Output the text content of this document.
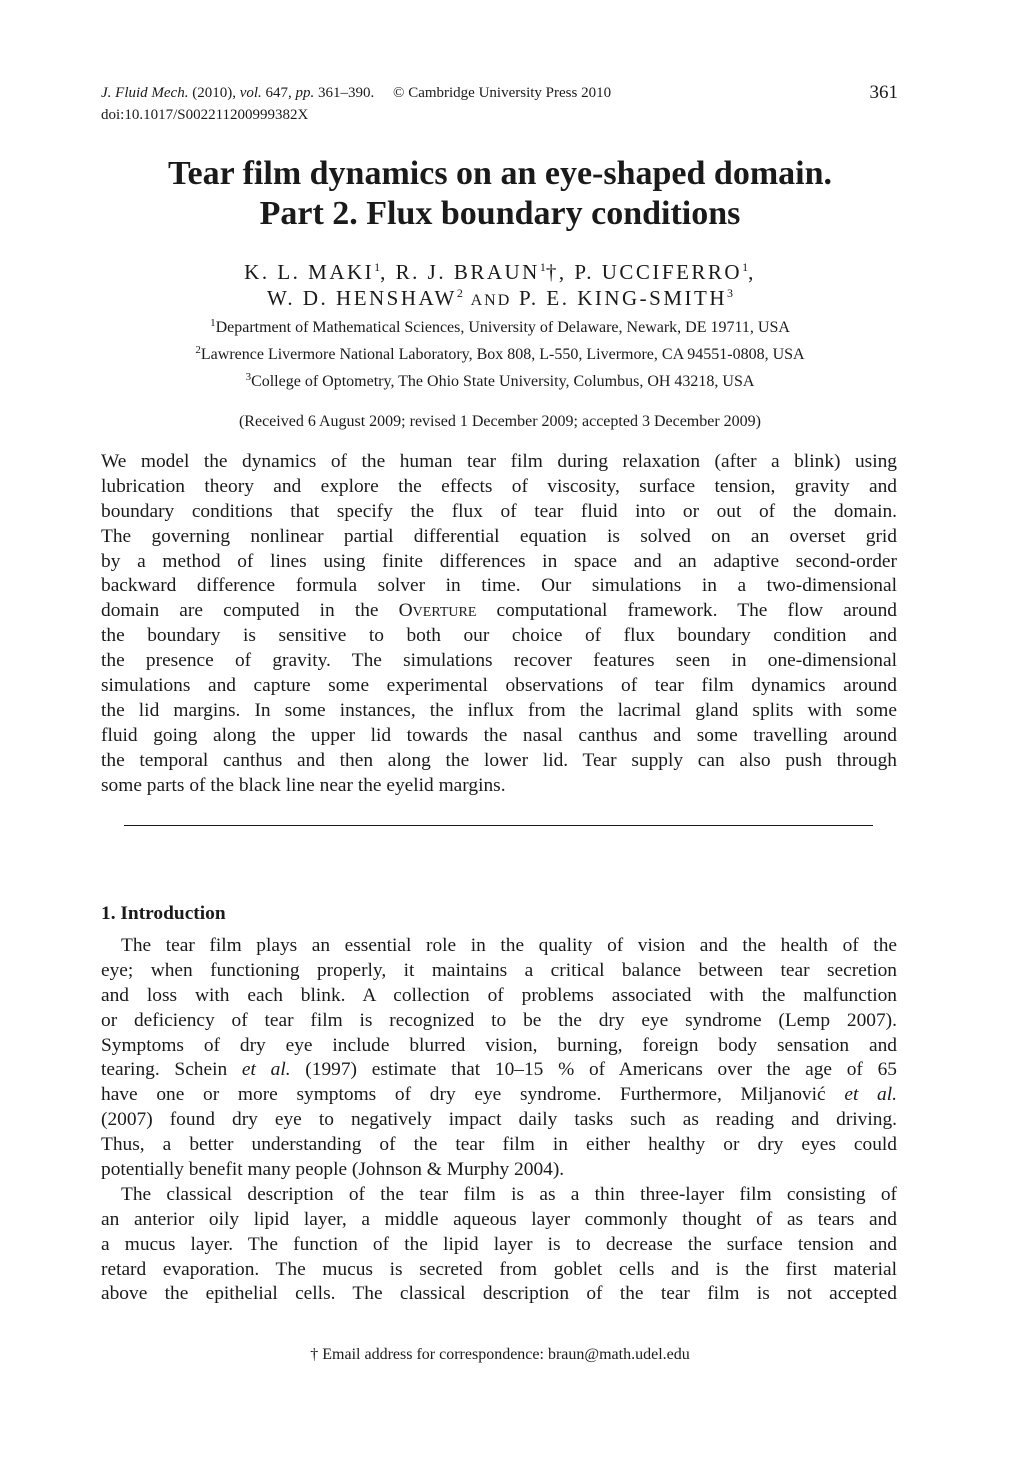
J. Fluid Mech. (2010), vol. 647, pp. 361–390. © Cambridge University Press 2010
doi:10.1017/S002211200999382X
361
Tear film dynamics on an eye-shaped domain.
Part 2. Flux boundary conditions
K. L. MAKI$^1$, R. J. BRAUN$^1$†, P. UCCIFERRO$^1$,
W. D. HENSHAW$^2$ AND P. E. KING-SMITH$^3$
$^1$Department of Mathematical Sciences, University of Delaware, Newark, DE 19711, USA
$^2$Lawrence Livermore National Laboratory, Box 808, L-550, Livermore, CA 94551-0808, USA
$^3$College of Optometry, The Ohio State University, Columbus, OH 43218, USA
(Received 6 August 2009; revised 1 December 2009; accepted 3 December 2009)
We model the dynamics of the human tear film during relaxation (after a blink) using
lubrication theory and explore the effects of viscosity, surface tension, gravity and
boundary conditions that specify the flux of tear fluid into or out of the domain.
The governing nonlinear partial differential equation is solved on an overset grid
by a method of lines using finite differences in space and an adaptive second-order
backward difference formula solver in time. Our simulations in a two-dimensional
domain are computed in the Overture computational framework. The flow around
the boundary is sensitive to both our choice of flux boundary condition and
the presence of gravity. The simulations recover features seen in one-dimensional
simulations and capture some experimental observations of tear film dynamics around
the lid margins. In some instances, the influx from the lacrimal gland splits with some
fluid going along the upper lid towards the nasal canthus and some travelling around
the temporal canthus and then along the lower lid. Tear supply can also push through
some parts of the black line near the eyelid margins.
1. Introduction
The tear film plays an essential role in the quality of vision and the health of the
eye; when functioning properly, it maintains a critical balance between tear secretion
and loss with each blink. A collection of problems associated with the malfunction
or deficiency of tear film is recognized to be the dry eye syndrome (Lemp 2007).
Symptoms of dry eye include blurred vision, burning, foreign body sensation and
tearing. Schein et al. (1997) estimate that 10–15 % of Americans over the age of 65
have one or more symptoms of dry eye syndrome. Furthermore, Miljanović et al.
(2007) found dry eye to negatively impact daily tasks such as reading and driving.
Thus, a better understanding of the tear film in either healthy or dry eyes could
potentially benefit many people (Johnson & Murphy 2004).
The classical description of the tear film is as a thin three-layer film consisting of
an anterior oily lipid layer, a middle aqueous layer commonly thought of as tears and
a mucus layer. The function of the lipid layer is to decrease the surface tension and
retard evaporation. The mucus is secreted from goblet cells and is the first material
above the epithelial cells. The classical description of the tear film is not accepted
† Email address for correspondence: braun@math.udel.edu
